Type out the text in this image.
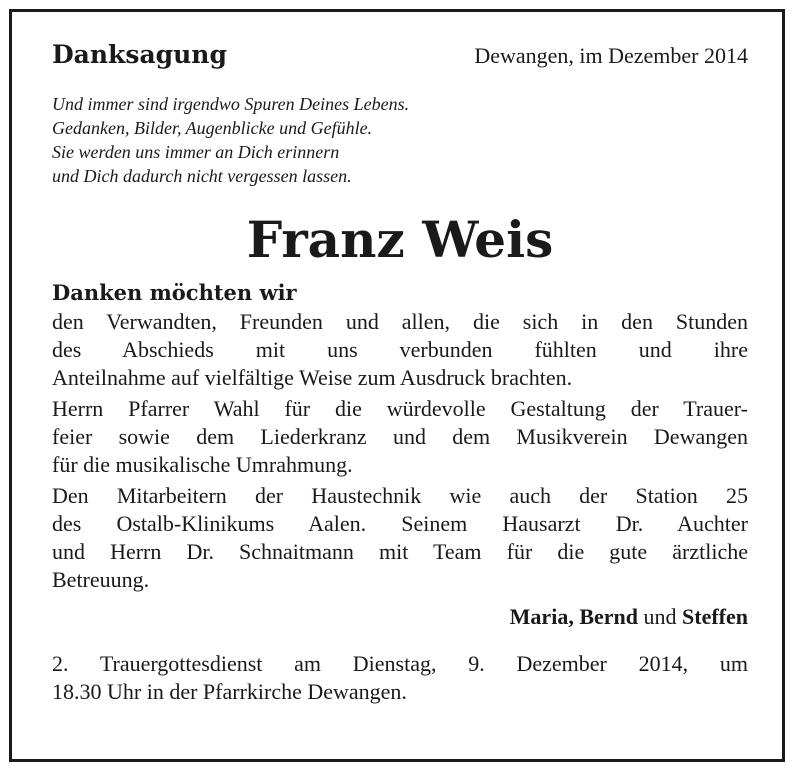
Danksagung	Dewangen, im Dezember 2014
Und immer sind irgendwo Spuren Deines Lebens.
Gedanken, Bilder, Augenblicke und Gefühle.
Sie werden uns immer an Dich erinnern
und Dich dadurch nicht vergessen lassen.
Franz Weis
Danken möchten wir
den Verwandten, Freunden und allen, die sich in den Stunden
des Abschieds mit uns verbunden fühlten und ihre
Anteilnahme auf vielfältige Weise zum Ausdruck brachten.
Herrn Pfarrer Wahl für die würdevolle Gestaltung der Trauer-
feier sowie dem Liederkranz und dem Musikverein Dewangen
für die musikalische Umrahmung.
Den Mitarbeitern der Haustechnik wie auch der Station 25
des Ostalb-Klinikums Aalen. Seinem Hausarzt Dr. Auchter
und Herrn Dr. Schnaitmann mit Team für die gute ärztliche
Betreuung.
Maria, Bernd und Steffen
2. Trauergottesdienst am Dienstag, 9. Dezember 2014, um
18.30 Uhr in der Pfarrkirche Dewangen.
